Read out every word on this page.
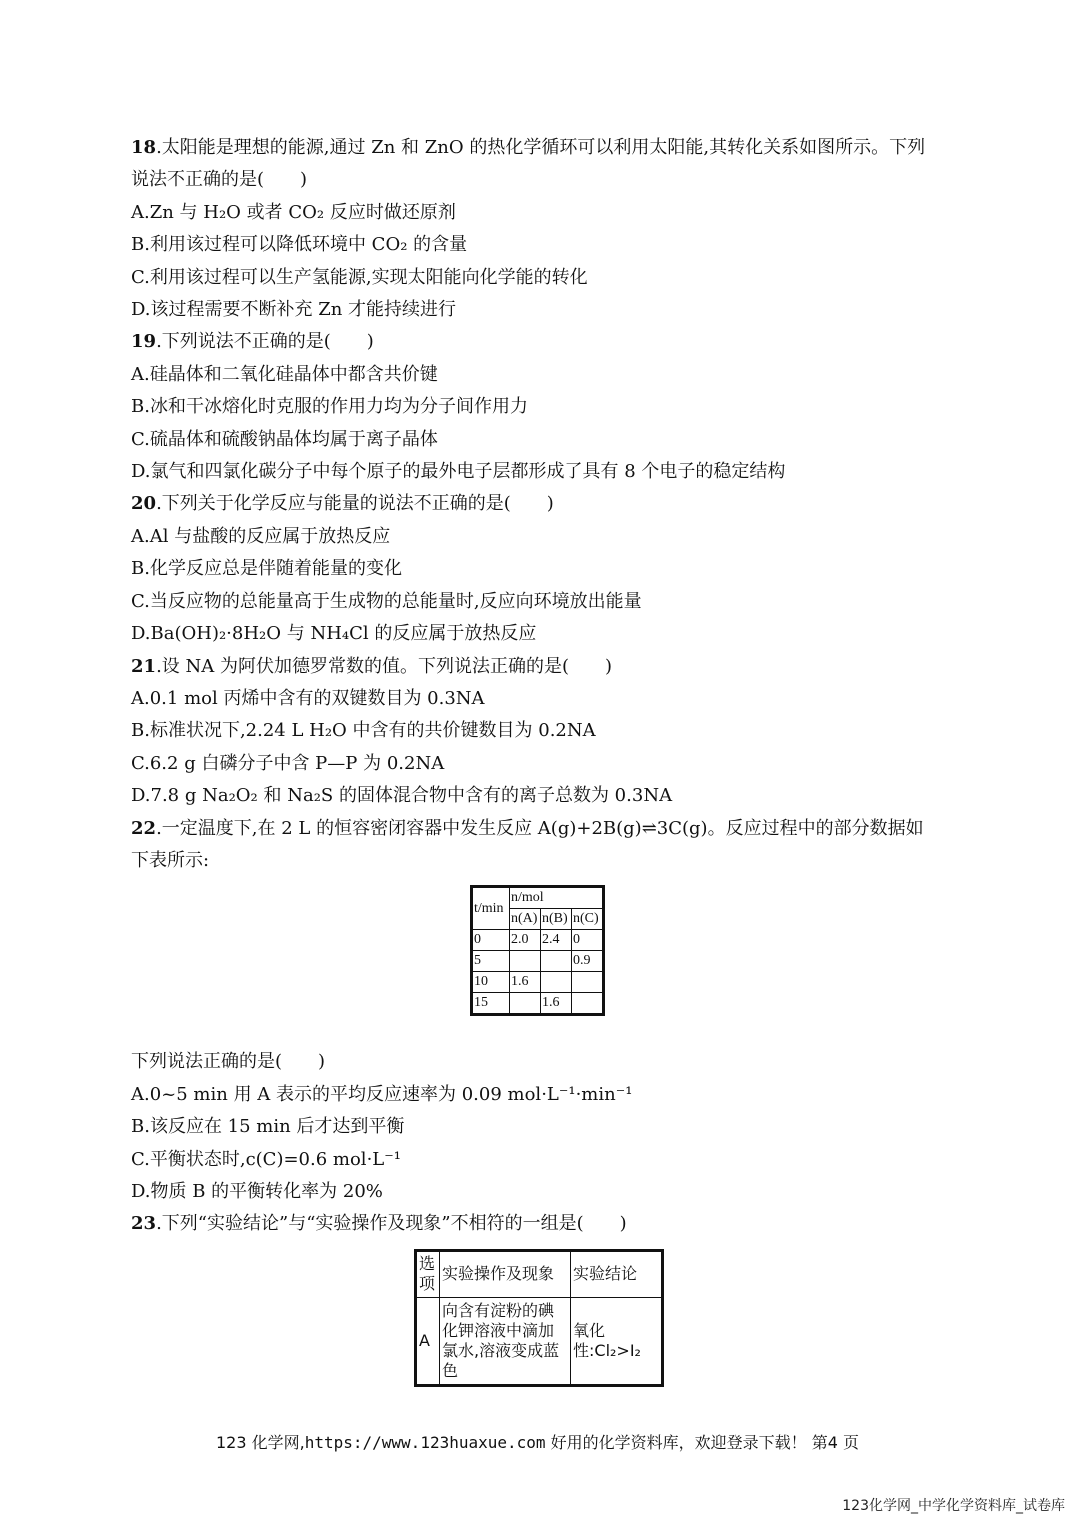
18.太阳能是理想的能源,通过 Zn 和 ZnO 的热化学循环可以利用太阳能,其转化关系如图所示。下列
说法不正确的是(　　)
A.Zn 与 H₂O 或者 CO₂ 反应时做还原剂
B.利用该过程可以降低环境中 CO₂ 的含量
C.利用该过程可以生产氢能源,实现太阳能向化学能的转化
D.该过程需要不断补充 Zn 才能持续进行
19.下列说法不正确的是(　　)
A.硅晶体和二氧化硅晶体中都含共价键
B.冰和干冰熔化时克服的作用力均为分子间作用力
C.硫晶体和硫酸钠晶体均属于离子晶体
D.氯气和四氯化碳分子中每个原子的最外电子层都形成了具有 8 个电子的稳定结构
20.下列关于化学反应与能量的说法不正确的是(　　)
A.Al 与盐酸的反应属于放热反应
B.化学反应总是伴随着能量的变化
C.当反应物的总能量高于生成物的总能量时,反应向环境放出能量
D.Ba(OH)₂·8H₂O 与 NH₄Cl 的反应属于放热反应
21.设 NA 为阿伏加德罗常数的值。下列说法正确的是(　　)
A.0.1 mol 丙烯中含有的双键数目为 0.3NA
B.标准状况下,2.24 L H₂O 中含有的共价键数目为 0.2NA
C.6.2 g 白磷分子中含 P—P 为 0.2NA
D.7.8 g Na₂O₂ 和 Na₂S 的固体混合物中含有的离子总数为 0.3NA
22.一定温度下,在 2 L 的恒容密闭容器中发生反应 A(g)+2B(g)⇌3C(g)。反应过程中的部分数据如
下表所示:
t/min	n/mol		
	n(A)	n(B)	n(C)
0	2.0	2.4	0
5			0.9
10	1.6		
15		1.6	
下列说法正确的是(　　)
A.0~5 min 用 A 表示的平均反应速率为 0.09 mol·L⁻¹·min⁻¹
B.该反应在 15 min 后才达到平衡
C.平衡状态时,c(C)=0.6 mol·L⁻¹
D.物质 B 的平衡转化率为 20%
23.下列“实验结论”与“实验操作及现象”不相符的一组是(　　)
选项	实验操作及现象	实验结论
A	向含有淀粉的碘化钾溶液中滴加氯水,溶液变成蓝色	氧化性:Cl₂>I₂
123 化学网,https://www.123huaxue.com 好用的化学资料库，欢迎登录下载！ 第4 页
123化学网_中学化学资料库_试卷库
